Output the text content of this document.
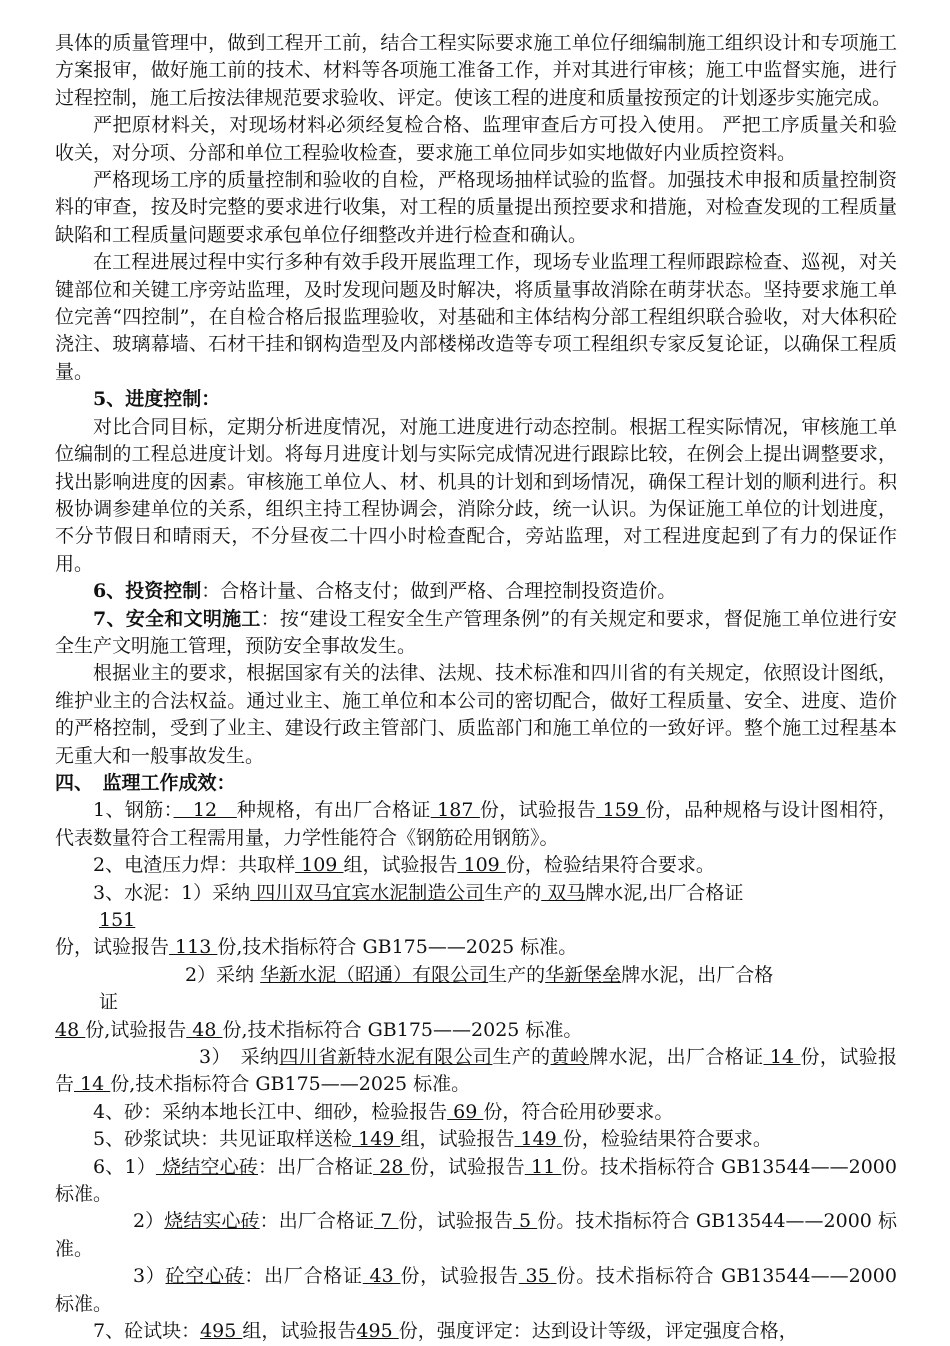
具体的质量管理中，做到工程开工前，结合工程实际要求施工单位仔细编制施工组织设计和专项施工方案报审，做好施工前的技术、材料等各项施工准备工作，并对其进行审核；施工中监督实施，进行过程控制，施工后按法律规范要求验收、评定。使该工程的进度和质量按预定的计划逐步实施完成。

严把原材料关，对现场材料必须经复检合格、监理审查后方可投入使用。 严把工序质量关和验收关，对分项、分部和单位工程验收检查，要求施工单位同步如实地做好内业质控资料。

严格现场工序的质量控制和验收的自检，严格现场抽样试验的监督。加强技术申报和质量控制资料的审查，按及时完整的要求进行收集，对工程的质量提出预控要求和措施，对检查发现的工程质量缺陷和工程质量问题要求承包单位仔细整改并进行检查和确认。

在工程进展过程中实行多种有效手段开展监理工作，现场专业监理工程师跟踪检查、巡视，对关键部位和关键工序旁站监理，及时发现问题及时解决，将质量事故消除在萌芽状态。坚持要求施工单位完善“四控制”，在自检合格后报监理验收，对基础和主体结构分部工程组织联合验收，对大体积砼浇注、玻璃幕墙、石材干挂和钢构造型及内部楼梯改造等专项工程组织专家反复论证，以确保工程质量。

5、进度控制：

对比合同目标，定期分析进度情况，对施工进度进行动态控制。根据工程实际情况，审核施工单位编制的工程总进度计划。将每月进度计划与实际完成情况进行跟踪比较，在例会上提出调整要求，找出影响进度的因素。审核施工单位人、材、机具的计划和到场情况，确保工程计划的顺利进行。积极协调参建单位的关系，组织主持工程协调会，消除分歧，统一认识。为保证施工单位的计划进度，不分节假日和晴雨天，不分昼夜二十四小时检查配合，旁站监理，对工程进度起到了有力的保证作用。

6、投资控制：合格计量、合格支付；做到严格、合理控制投资造价。

7、安全和文明施工：按“建设工程安全生产管理条例”的有关规定和要求，督促施工单位进行安全生产文明施工管理，预防安全事故发生。

根据业主的要求，根据国家有关的法律、法规、技术标准和四川省的有关规定，依照设计图纸，维护业主的合法权益。通过业主、施工单位和本公司的密切配合，做好工程质量、安全、进度、造价的严格控制，受到了业主、建设行政主管部门、质监部门和施工单位的一致好评。整个施工过程基本无重大和一般事故发生。

四、　监理工作成效：

1、钢筋：　12　种规格，有出厂合格证 187 份，试验报告 159 份，品种规格与设计图相符，代表数量符合工程需用量，力学性能符合《钢筋砼用钢筋》。

2、电渣压力焊：共取样 109 组，试验报告 109 份，检验结果符合要求。

3、水泥：1）采纳 四川双马宜宾水泥制造公司生产的 双马牌水泥,出厂合格证

151

份，试验报告 113 份,技术指标符合 GB175——2025 标准。

2）采纳 华新水泥（昭通）有限公司生产的华新堡垒牌水泥，出厂合格

证

48 份,试验报告 48 份,技术指标符合 GB175——2025 标准。

3）　采纳四川省新特水泥有限公司生产的黄岭牌水泥，出厂合格证 14 份，试验报告 14 份,技术指标符合 GB175——2025 标准。

4、砂：采纳本地长江中、细砂，检验报告 69 份，符合砼用砂要求。

5、砂浆试块：共见证取样送检 149 组，试验报告 149 份，检验结果符合要求。

6、1） 烧结空心砖：出厂合格证 28 份，试验报告 11 份。技术指标符合 GB13544——2000 标准。

2）烧结实心砖：出厂合格证 7 份，试验报告 5 份。技术指标符合 GB13544——2000 标准。

3）砼空心砖：出厂合格证 43 份，试验报告 35 份。技术指标符合 GB13544——2000 标准。

7、砼试块：495 组，试验报告495 份，强度评定：达到设计等级，评定强度合格，
